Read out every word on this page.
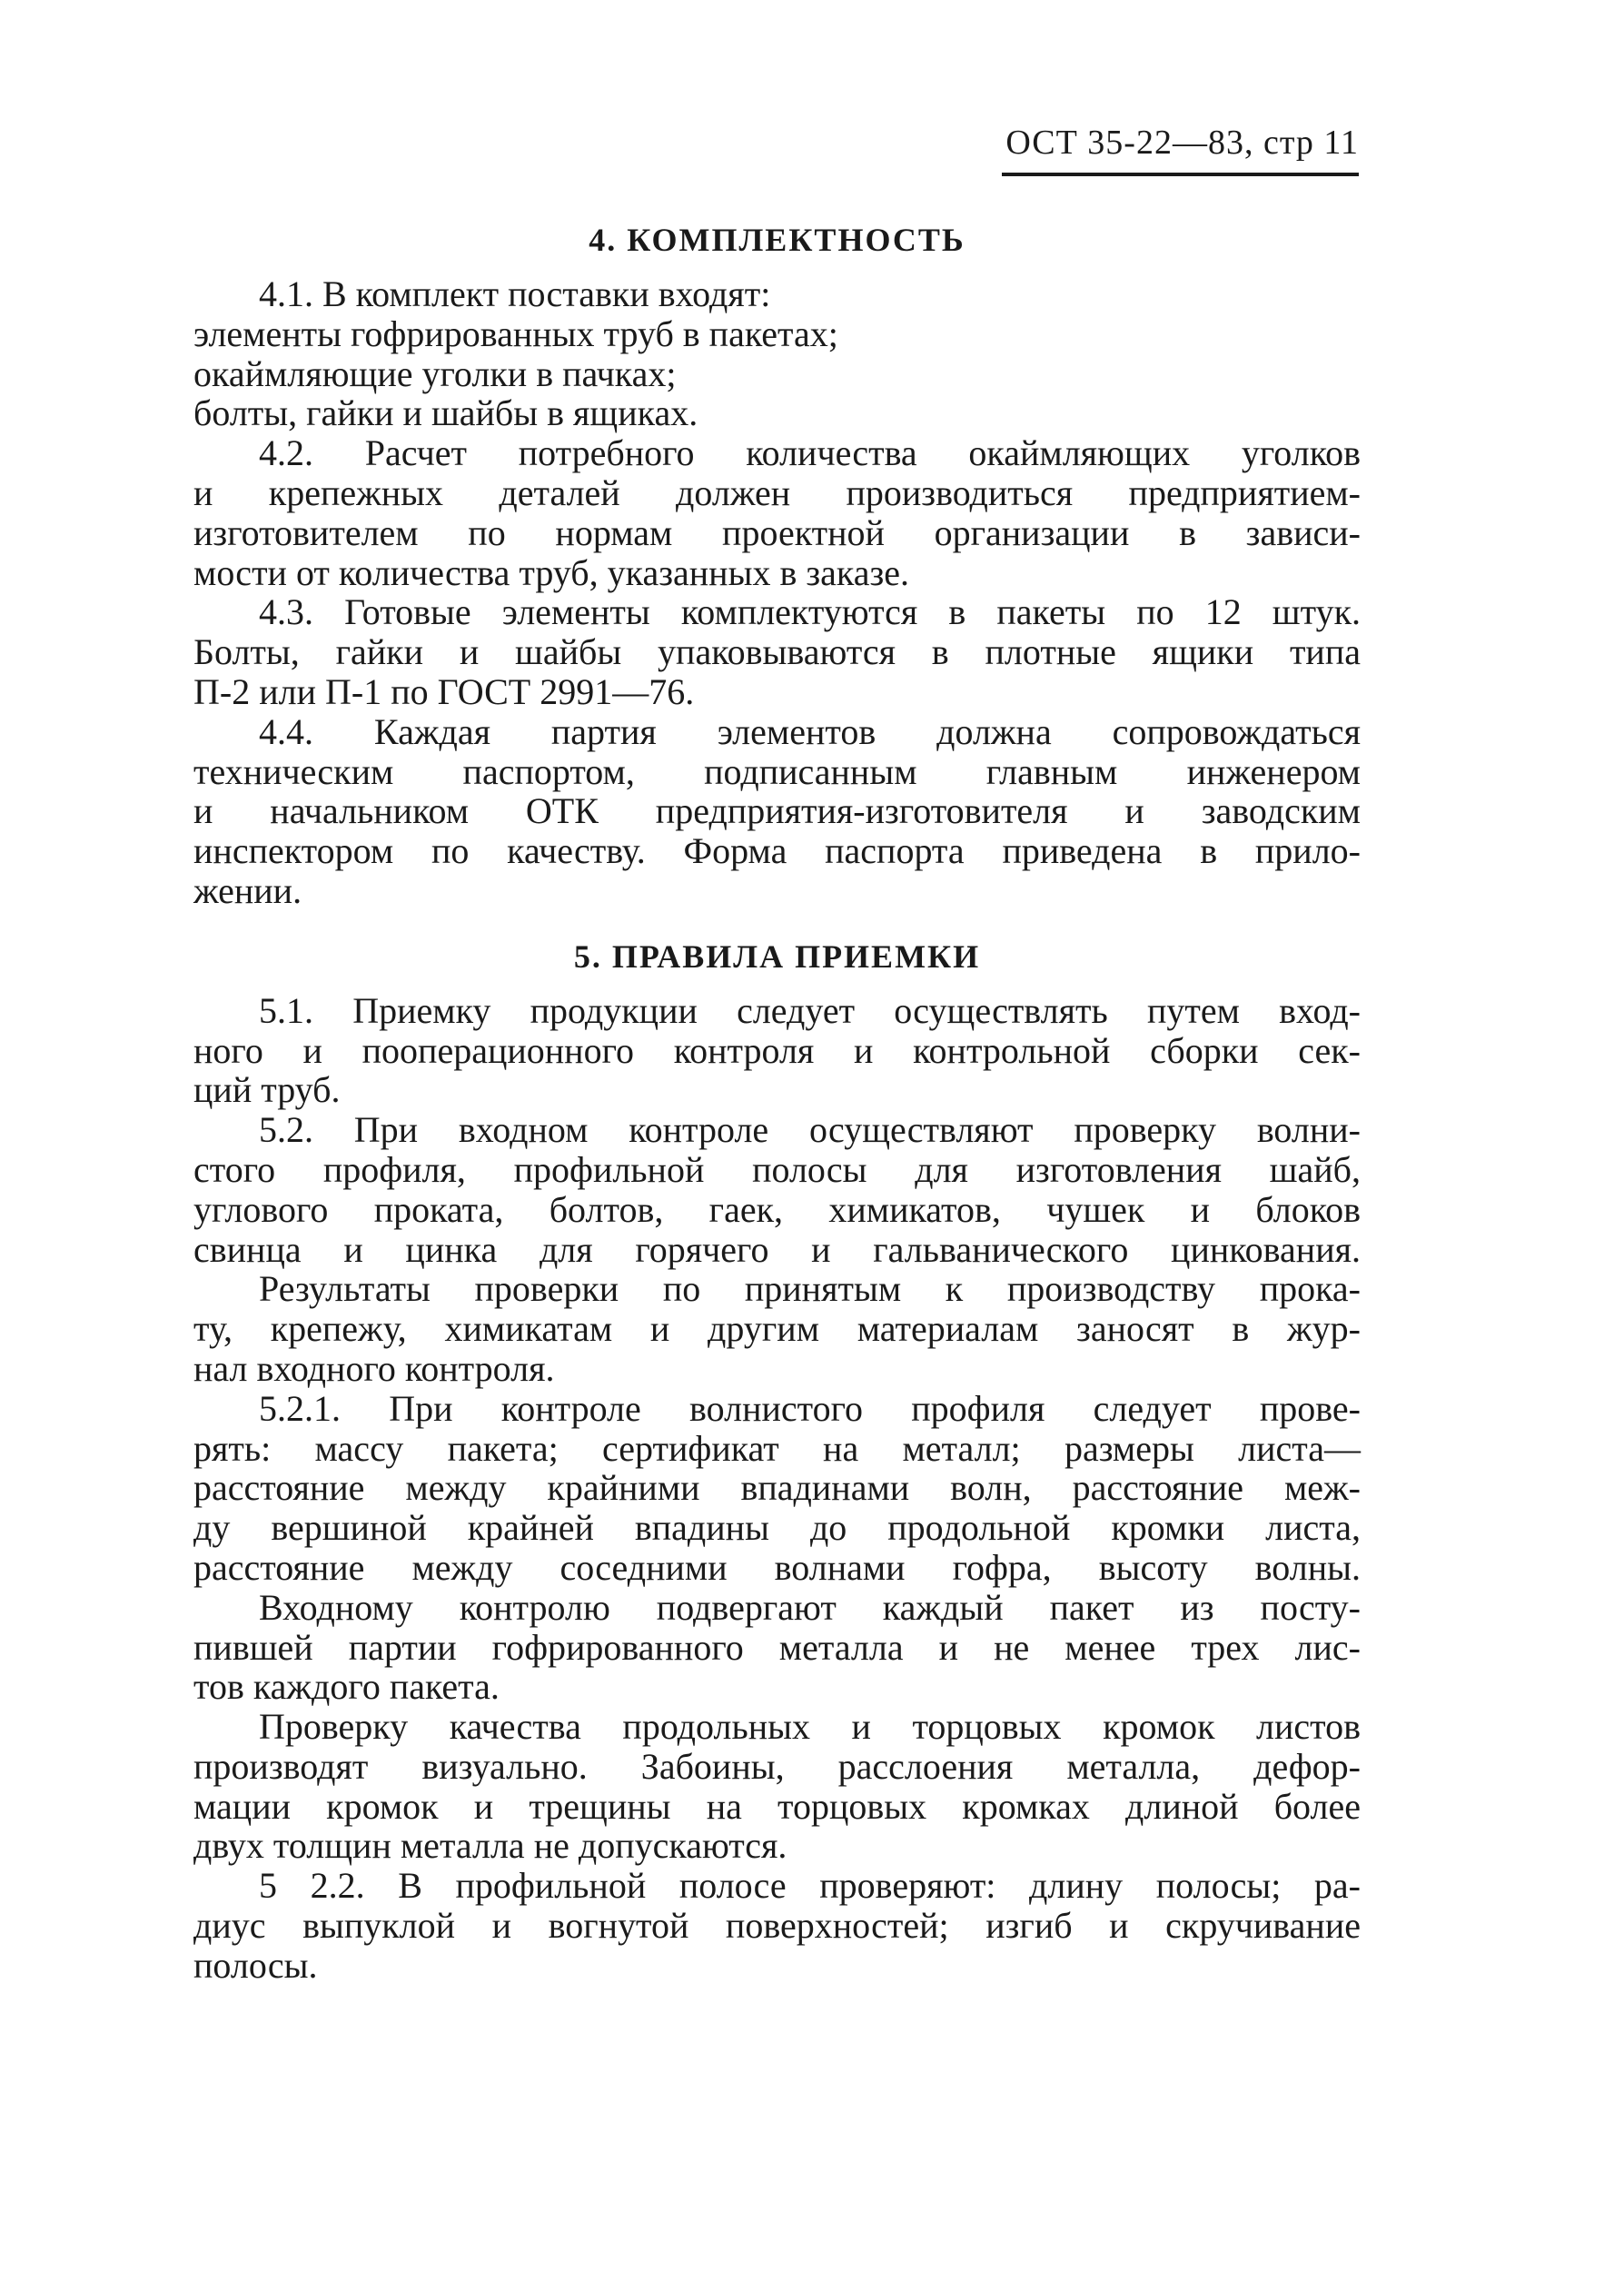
ОСТ 35-22—83, стр 11
4. КОМПЛЕКТНОСТЬ
4.1. В комплект поставки входят:
элементы гофрированных труб в пакетах;
окаймляющие уголки в пачках;
болты, гайки и шайбы в ящиках.
4.2. Расчет потребного количества окаймляющих уголков
и крепежных деталей должен производиться предприятием-
изготовителем по нормам проектной организации в зависи-
мости от количества труб, указанных в заказе.
4.3. Готовые элементы комплектуются в пакеты по 12 штук.
Болты, гайки и шайбы упаковываются в плотные ящики типа
П-2 или П-1 по ГОСТ 2991—76.
4.4. Каждая партия элементов должна сопровождаться
техническим паспортом, подписанным главным инженером
и начальником ОТК предприятия-изготовителя и заводским
инспектором по качеству. Форма паспорта приведена в прило-
жении.
5. ПРАВИЛА ПРИЕМКИ
5.1. Приемку продукции следует осуществлять путем вход-
ного и пооперационного контроля и контрольной сборки сек-
ций труб.
5.2. При входном контроле осуществляют проверку волни-
стого профиля, профильной полосы для изготовления шайб,
углового проката, болтов, гаек, химикатов, чушек и блоков
свинца и цинка для горячего и гальванического цинкования.
Результаты проверки по принятым к производству прока-
ту, крепежу, химикатам и другим материалам заносят в жур-
нал входного контроля.
5.2.1. При контроле волнистого профиля следует прове-
рять: массу пакета; сертификат на металл; размеры листа—
расстояние между крайними впадинами волн, расстояние меж-
ду вершиной крайней впадины до продольной кромки листа,
расстояние между соседними волнами гофра, высоту волны.
Входному контролю подвергают каждый пакет из посту-
пившей партии гофрированного металла и не менее трех лис-
тов каждого пакета.
Проверку качества продольных и торцовых кромок листов
производят визуально. Забоины, расслоения металла, дефор-
мации кромок и трещины на торцовых кромках длиной более
двух толщин металла не допускаются.
5 2.2. В профильной полосе проверяют: длину полосы; ра-
диус выпуклой и вогнутой поверхностей; изгиб и скручивание
полосы.
